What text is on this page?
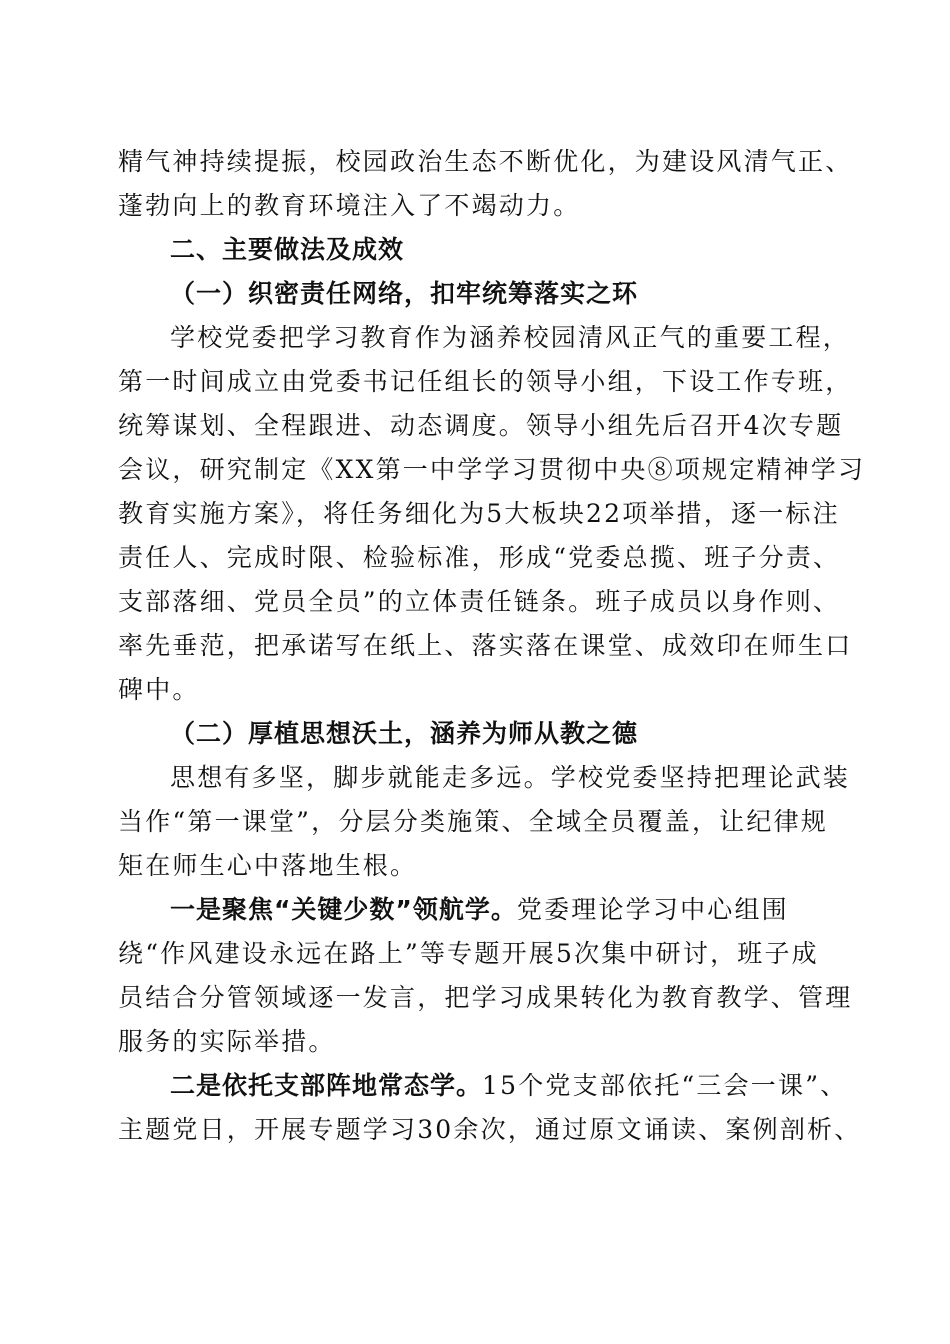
精气神持续提振，校园政治生态不断优化，为建设风清气正、
蓬勃向上的教育环境注入了不竭动力。
二、主要做法及成效
（一）织密责任网络，扣牢统筹落实之环
学校党委把学习教育作为涵养校园清风正气的重要工程，
第一时间成立由党委书记任组长的领导小组，下设工作专班，
统筹谋划、全程跟进、动态调度。领导小组先后召开4次专题
会议，研究制定《XX第一中学学习贯彻中央⑧项规定精神学习
教育实施方案》，将任务细化为5大板块22项举措，逐一标注
责任人、完成时限、检验标准，形成“党委总揽、班子分责、
支部落细、党员全员”的立体责任链条。班子成员以身作则、
率先垂范，把承诺写在纸上、落实落在课堂、成效印在师生口
碑中。
（二）厚植思想沃土，涵养为师从教之德
思想有多坚，脚步就能走多远。学校党委坚持把理论武装
当作“第一课堂”，分层分类施策、全域全员覆盖，让纪律规
矩在师生心中落地生根。
一是聚焦“关键少数”领航学。党委理论学习中心组围
绕“作风建设永远在路上”等专题开展5次集中研讨，班子成
员结合分管领域逐一发言，把学习成果转化为教育教学、管理
服务的实际举措。
二是依托支部阵地常态学。15个党支部依托“三会一课”、
主题党日，开展专题学习30余次，通过原文诵读、案例剖析、
